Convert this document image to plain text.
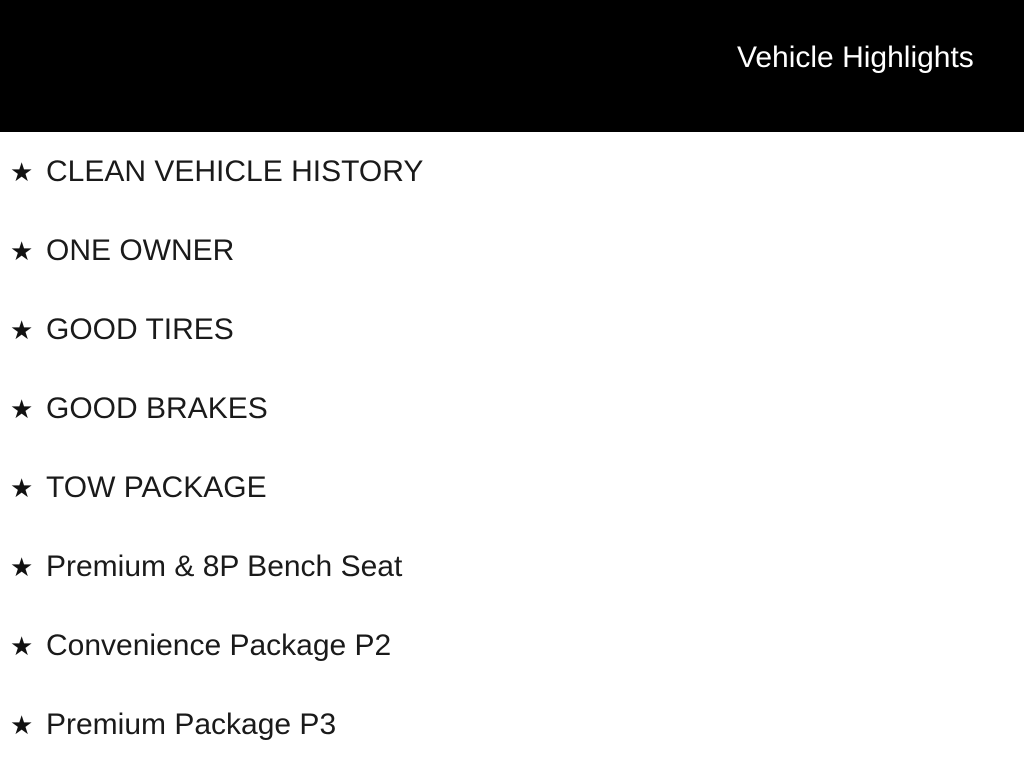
Vehicle Highlights
★ CLEAN VEHICLE HISTORY
★ ONE OWNER
★ GOOD TIRES
★ GOOD BRAKES
★ TOW PACKAGE
★ Premium & 8P Bench Seat
★ Convenience Package P2
★ Premium Package P3
